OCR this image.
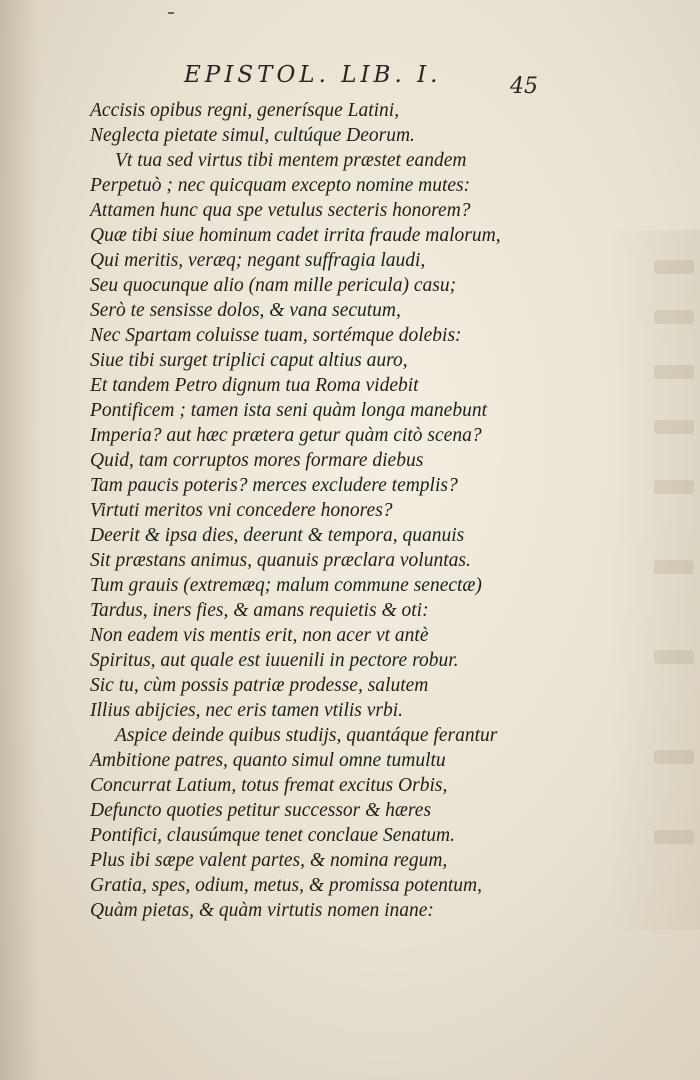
EPISTOL. LIB. I.	45
Accisis opibus regni, generísque Latini,
Neglecta pietate simul, cultúque Deorum.
Vt tua sed virtus tibi mentem præstet eandem
Perpetuò ; nec quicquam excepto nomine mutes:
Attamen hunc qua spe vetulus secteris honorem?
Quæ tibi siue hominum cadet irrita fraude malorum,
Qui meritis, veræq; negant suffragia laudi,
Seu quocunque alio (nam mille pericula) casu;
Serò te sensisse dolos, & vana secutum,
Nec Spartam coluisse tuam, sortémque dolebis:
Siue tibi surget triplici caput altius auro,
Et tandem Petro dignum tua Roma videbit
Pontificem ; tamen ista seni quàm longa manebunt
Imperia? aut hæc prætera getur quàm citò scena?
Quid, tam corruptos mores formare diebus
Tam paucis poteris? merces excludere templis?
Virtuti meritos vni concedere honores?
Deerit & ipsa dies, deerunt & tempora, quanuis
Sit præstans animus, quanuis præclara voluntas.
Tum grauis (extremæq; malum commune senectæ)
Tardus, iners fies, & amans requietis & oti:
Non eadem vis mentis erit, non acer vt antè
Spiritus, aut quale est iuuenili in pectore robur.
Sic tu, cùm possis patriæ prodesse, salutem
Illius abijcies, nec eris tamen vtilis vrbi.
Aspice deinde quibus studijs, quantáque ferantur
Ambitione patres, quanto simul omne tumultu
Concurrat Latium, totus fremat excitus Orbis,
Defuncto quoties petitur successor & hæres
Pontifici, clausúmque tenet conclaue Senatum.
Plus ibi sæpe valent partes, & nomina regum,
Gratia, spes, odium, metus, & promissa potentum,
Quàm pietas, & quàm virtutis nomen inane:
